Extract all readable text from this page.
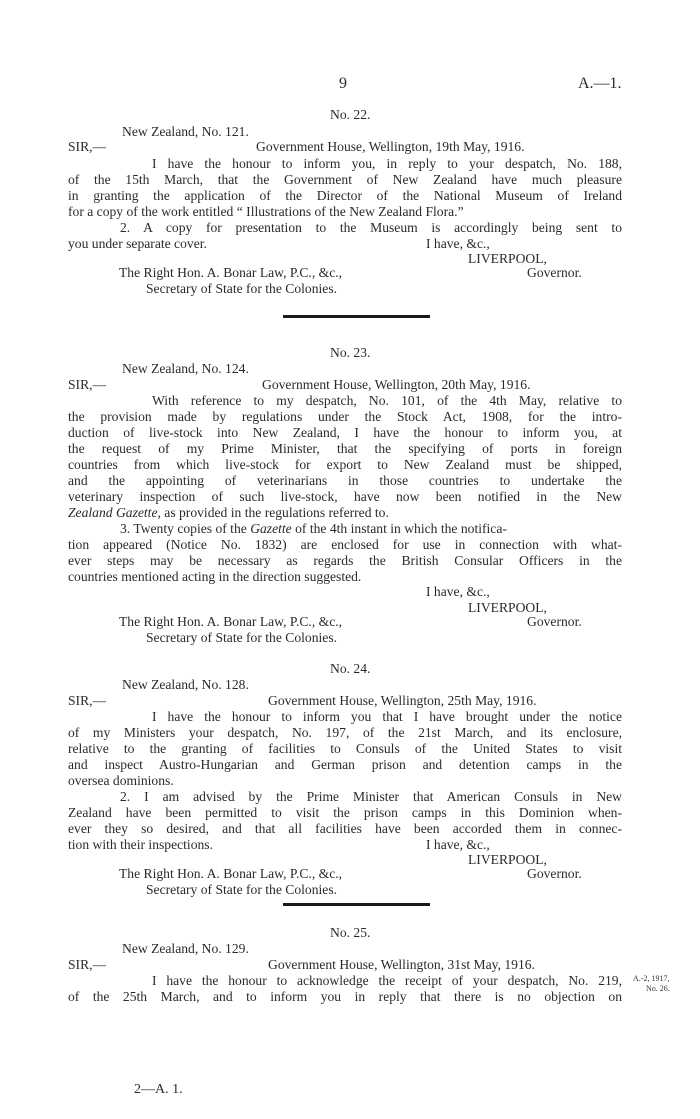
9	A.—1.
No. 22.
New Zealand, No. 121.
SIR,—	Government House, Wellington, 19th May, 1916.
I have the honour to inform you, in reply to your despatch, No. 188,
of the 15th March, that the Government of New Zealand have much pleasure
in granting the application of the Director of the National Museum of Ireland
for a copy of the work entitled “ Illustrations of the New Zealand Flora.”
2. A copy for presentation to the Museum is accordingly being sent to
you under separate cover.	I have, &c.,
LIVERPOOL,
The Right Hon. A. Bonar Law, P.C., &c.,	Governor.
Secretary of State for the Colonies.
No. 23.
New Zealand, No. 124.
SIR,—	Government House, Wellington, 20th May, 1916.
With reference to my despatch, No. 101, of the 4th May, relative to
the provision made by regulations under the Stock Act, 1908, for the intro-
duction of live-stock into New Zealand, I have the honour to inform you, at
the request of my Prime Minister, that the specifying of ports in foreign
countries from which live-stock for export to New Zealand must be shipped,
and the appointing of veterinarians in those countries to undertake the
veterinary inspection of such live-stock, have now been notified in the New
Zealand Gazette, as provided in the regulations referred to.
3. Twenty copies of the Gazette of the 4th instant in which the notifica-
tion appeared (Notice No. 1832) are enclosed for use in connection with what-
ever steps may be necessary as regards the British Consular Officers in the
countries mentioned acting in the direction suggested.
I have, &c.,
LIVERPOOL,
The Right Hon. A. Bonar Law, P.C., &c.,	Governor.
Secretary of State for the Colonies.
No. 24.
New Zealand, No. 128.
SIR,—	Government House, Wellington, 25th May, 1916.
I have the honour to inform you that I have brought under the notice
of my Ministers your despatch, No. 197, of the 21st March, and its enclosure,
relative to the granting of facilities to Consuls of the United States to visit
and inspect Austro-Hungarian and German prison and detention camps in the
oversea dominions.
2. I am advised by the Prime Minister that American Consuls in New
Zealand have been permitted to visit the prison camps in this Dominion when-
ever they so desired, and that all facilities have been accorded them in connec-
tion with their inspections.	I have, &c.,
LIVERPOOL,
The Right Hon. A. Bonar Law, P.C., &c.,	Governor.
Secretary of State for the Colonies.
No. 25.
New Zealand, No. 129.
SIR,—	Government House, Wellington, 31st May, 1916.
I have the honour to acknowledge the receipt of your despatch, No. 219,
of the 25th March, and to inform you in reply that there is no objection on
A.-2, 1917,
No. 26.
2—A. 1.
